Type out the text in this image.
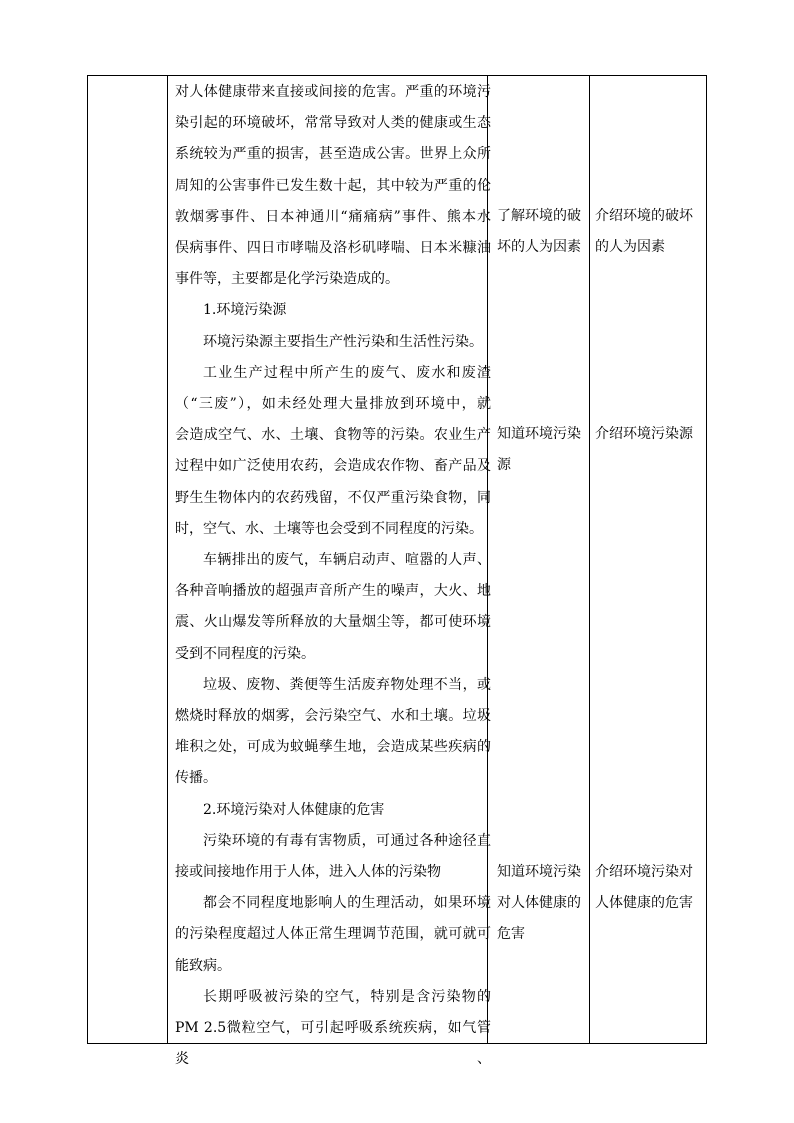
对人体健康带来直接或间接的危害。严重的环境污

染引起的环境破坏，常常导致对人类的健康或生态

系统较为严重的损害，甚至造成公害。世界上众所

周知的公害事件已发生数十起，其中较为严重的伦

敦烟雾事件、日本神通川“痛痛病”事件、熊本水

俣病事件、四日市哮喘及洛杉矶哮喘、日本米糠油

事件等，主要都是化学污染造成的。

1.环境污染源

环境污染源主要指生产性污染和生活性污染。

工业生产过程中所产生的废气、废水和废渣

（“三废”），如未经处理大量排放到环境中，就

会造成空气、水、土壤、食物等的污染。农业生产

过程中如广泛使用农药，会造成农作物、畜产品及

野生生物体内的农药残留，不仅严重污染食物，同

时，空气、水、土壤等也会受到不同程度的污染。

车辆排出的废气，车辆启动声、喧嚣的人声、

各种音响播放的超强声音所产生的噪声，大火、地

震、火山爆发等所释放的大量烟尘等，都可使环境

受到不同程度的污染。

垃圾、废物、粪便等生活废弃物处理不当，或

燃烧时释放的烟雾，会污染空气、水和土壤。垃圾

堆积之处，可成为蚊蝇孳生地，会造成某些疾病的

传播。

2.环境污染对人体健康的危害

污染环境的有毒有害物质，可通过各种途径直

接或间接地作用于人体，进入人体的污染物

都会不同程度地影响人的生理活动，如果环境

的污染程度超过人体正常生理调节范围，就可就可

能致病。

长期呼吸被污染的空气，特别是含污染物的

PM 2.5微粒空气，可引起呼吸系统疾病，如气管炎、

了解环境的破

坏的人为因素

知道环境污染

源

知道环境污染

对人体健康的

危害

介绍环境的破坏

的人为因素

介绍环境污染源

介绍环境污染对

人体健康的危害
